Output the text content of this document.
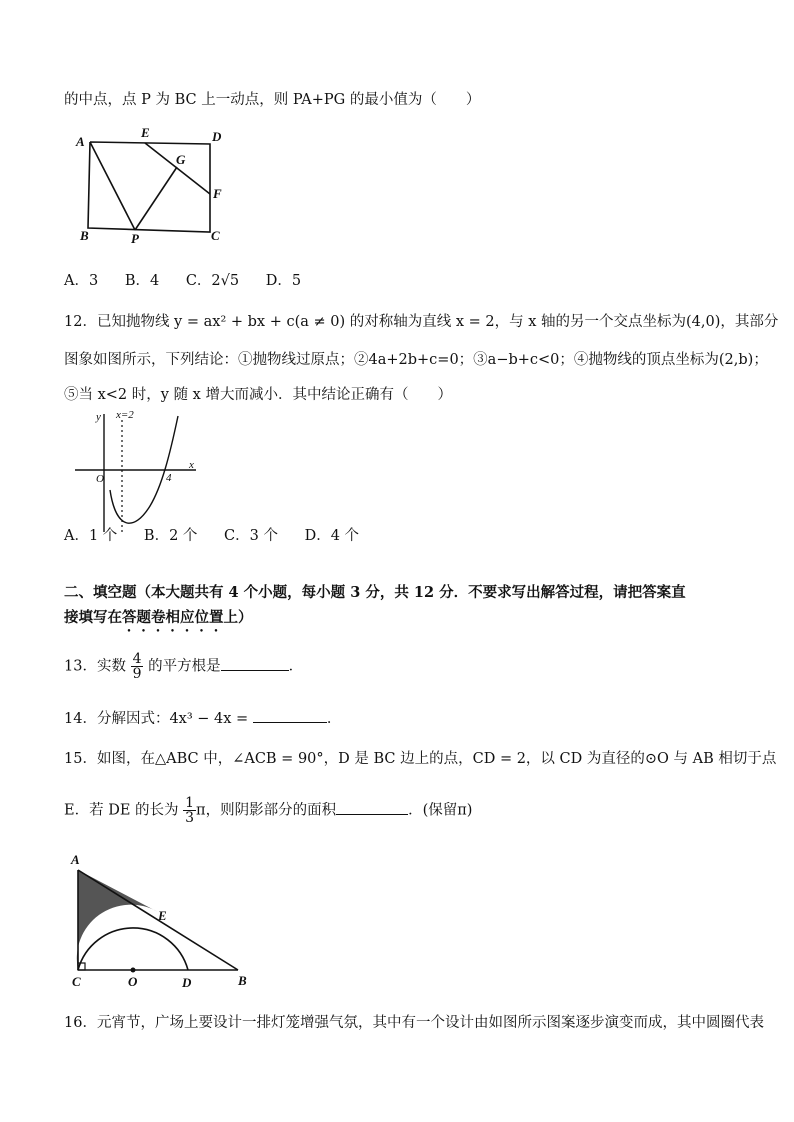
的中点，点 P 为 BC 上一动点，则 PA+PG 的最小值为（　　）
A
E	D
G
F
B	P	C
A．3 B．4 C．2√5 D．5
12．已知抛物线 y = ax² + bx + c(a ≠ 0) 的对称轴为直线 x = 2，与 x 轴的另一个交点坐标为(4,0)，其部分
图象如图所示，下列结论：①抛物线过原点；②4a+2b+c=0；③a−b+c<0；④抛物线的顶点坐标为(2,b)；
⑤当 x<2 时，y 随 x 增大而减小．其中结论正确有（　　）
y x=2
x
O	4
A．1 个 B．2 个 C．3 个 D．4 个
二、填空题（本大题共有 4 个小题，每小题 3 分，共 12 分．不要求写出解答过程，请把答案直
接填写在答题卷相应位置上）
13．实数 $\frac{4}{9}$ 的平方根是	．
14．分解因式：4x³ − 4x =	．
15．如图，在△ABC 中，∠ACB = 90°，D 是 BC 边上的点，CD = 2，以 CD 为直径的⊙O 与 AB 相切于点
E．若 DE 的长为 $\frac{1}{3}$ π，则阴影部分的面积	．(保留π)
A
E
C	O	D	B
16．元宵节，广场上要设计一排灯笼增强气氛，其中有一个设计由如图所示图案逐步演变而成，其中圆圈代表
